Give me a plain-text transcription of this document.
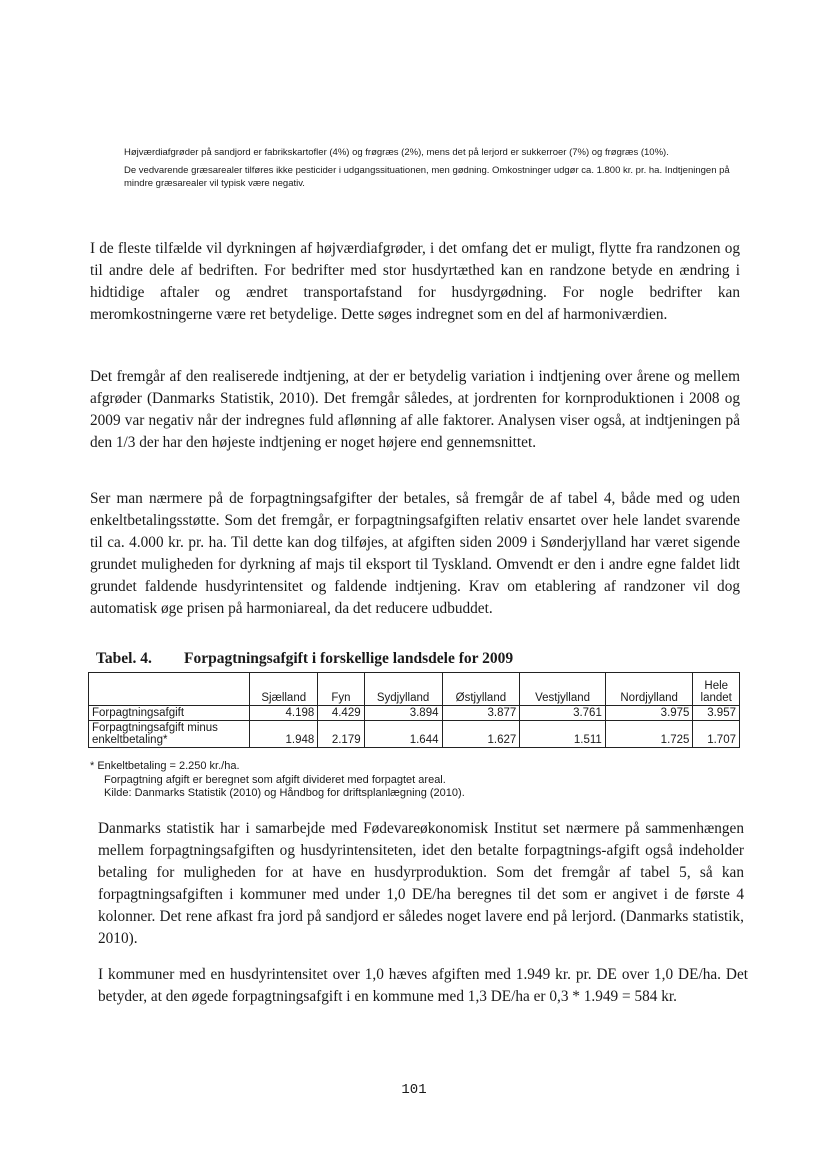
Højværdiafgrøder på sandjord er fabrikskartofler (4%) og frøgræs (2%), mens det på lerjord er sukkerroer (7%) og frøgræs (10%).

De vedvarende græsarealer tilføres ikke pesticider i udgangssituationen, men gødning. Omkostninger udgør ca. 1.800 kr. pr. ha. Indtjeningen på mindre græsarealer vil typisk være negativ.

I de fleste tilfælde vil dyrkningen af højværdiafgrøder, i det omfang det er muligt, flytte fra randzonen og til andre dele af bedriften. For bedrifter med stor husdyrtæthed kan en randzone betyde en ændring i hidtidige aftaler og ændret transportafstand for husdyrgødning. For nogle bedrifter kan meromkostningerne være ret betydelige. Dette søges indregnet som en del af harmoniværdien.

Det fremgår af den realiserede indtjening, at der er betydelig variation i indtjening over årene og mellem afgrøder (Danmarks Statistik, 2010). Det fremgår således, at jordrenten for kornproduktionen i 2008 og 2009 var negativ når der indregnes fuld aflønning af alle faktorer. Analysen viser også, at indtjeningen på den 1/3 der har den højeste indtjening er noget højere end gennemsnittet.

Ser man nærmere på de forpagtningsafgifter der betales, så fremgår de af tabel 4, både med og uden enkeltbetalingsstøtte. Som det fremgår, er forpagtningsafgiften relativ ensartet over hele landet svarende til ca. 4.000 kr. pr. ha. Til dette kan dog tilføjes, at afgiften siden 2009 i Sønderjylland har været sigende grundet muligheden for dyrkning af majs til eksport til Tyskland. Omvendt er den i andre egne faldet lidt grundet faldende husdyrintensitet og faldende indtjening. Krav om etablering af randzoner vil dog automatisk øge prisen på harmoniareal, da det reducere udbuddet.

Tabel. 4. Forpagtningsafgift i forskellige landsdele for 2009
	Sjælland	Fyn	Sydjylland	Østjylland	Vestjylland	Nordjylland	Hele landet
Forpagtningsafgift	4.198	4.429	3.894	3.877	3.761	3.975	3.957
Forpagtningsafgift minus enkeltbetaling*	1.948	2.179	1.644	1.627	1.511	1.725	1.707
* Enkeltbetaling = 2.250 kr./ha.
Forpagtning afgift er beregnet som afgift divideret med forpagtet areal.
Kilde: Danmarks Statistik (2010) og Håndbog for driftsplanlægning (2010).

Danmarks statistik har i samarbejde med Fødevareøkonomisk Institut set nærmere på sammenhængen mellem forpagtningsafgiften og husdyrintensiteten, idet den betalte forpagtnings-afgift også indeholder betaling for muligheden for at have en husdyrproduktion. Som det fremgår af tabel 5, så kan forpagtningsafgiften i kommuner med under 1,0 DE/ha beregnes til det som er angivet i de første 4 kolonner. Det rene afkast fra jord på sandjord er således noget lavere end på lerjord. (Danmarks statistik, 2010).

I kommuner med en husdyrintensitet over 1,0 hæves afgiften med 1.949 kr. pr. DE over 1,0 DE/ha. Det betyder, at den øgede forpagtningsafgift i en kommune med 1,3 DE/ha er 0,3 * 1.949 = 584 kr.

101
